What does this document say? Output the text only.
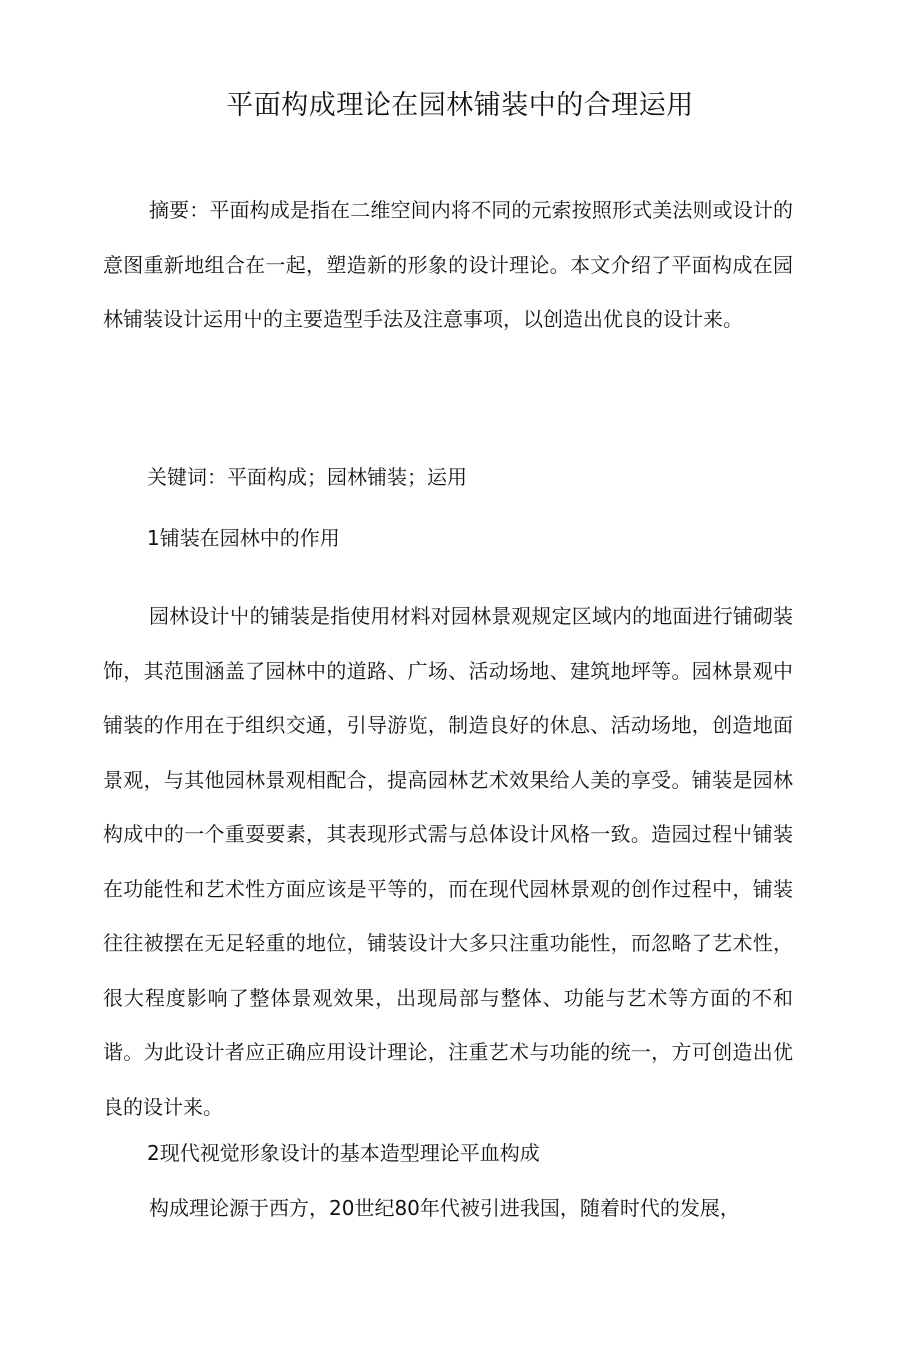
平面构成理论在园林铺装中的合理运用

摘要：平面构成是指在二维空间内将不同的元索按照形式美法则或设计的意图重新地组合在一起，塑造新的形象的设计理论。本文介绍了平面构成在园林铺装设计运用屮的主要造型手法及注意事项，以创造出优良的设计来。

关键词：平面构成；园林铺装；运用

1铺装在园林中的作用

园林设计屮的铺装是指使用材料对园林景观规定区域内的地面进行铺砌装饰，其范围涵盖了园林中的道路、广场、活动场地、建筑地坪等。园林景观中铺装的作用在于组织交通，引导游览，制造良好的休息、活动场地，创造地面景观，与其他园林景观相配合，提高园林艺术效果给人美的享受。铺装是园林构成中的一个重耍要素，其表现形式需与总体设计风格一致。造园过程屮铺装在功能性和艺术性方面应该是平等的，而在现代园林景观的创作过程中，铺装往往被摆在无足轻重的地位，铺装设计大多只注重功能性，而忽略了艺术性，很大程度影响了整体景观效果，出现局部与整体、功能与艺术等方面的不和谐。为此设计者应正确应用设计理论，注重艺术与功能的统一，方可创造出优良的设计来。

2现代视觉形象设计的基本造型理论平血构成

构成理论源于西方，20世纪80年代被引进我国，随着时代的发展，
